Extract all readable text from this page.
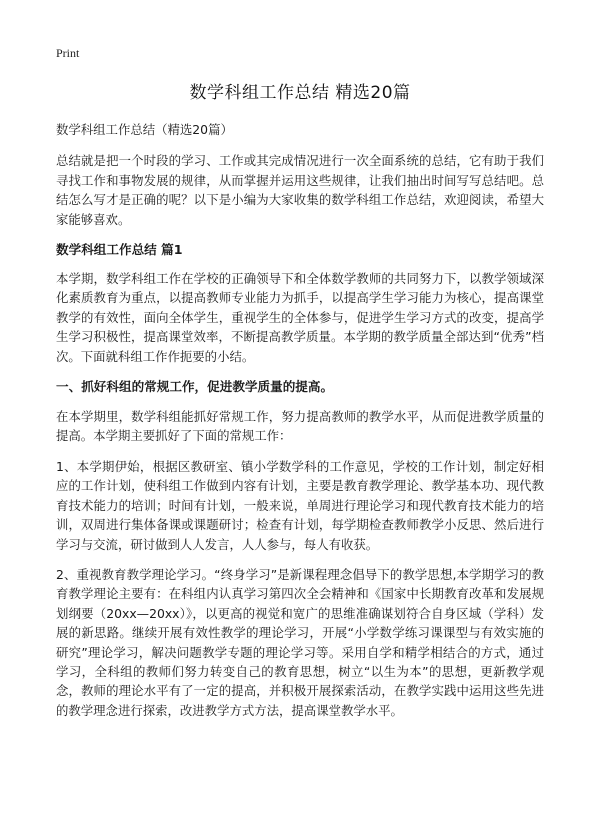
Print
数学科组工作总结 精选20篇

数学科组工作总结（精选20篇）

总结就是把一个时段的学习、工作或其完成情况进行一次全面系统的总结，它有助于我们寻找工作和事物发展的规律，从而掌握并运用这些规律，让我们抽出时间写写总结吧。总结怎么写才是正确的呢？以下是小编为大家收集的数学科组工作总结，欢迎阅读，希望大家能够喜欢。

数学科组工作总结 篇1

本学期，数学科组工作在学校的正确领导下和全体数学教师的共同努力下，以教学领域深化素质教育为重点，以提高教师专业能力为抓手，以提高学生学习能力为核心，提高课堂教学的有效性，面向全体学生，重视学生的全体参与，促进学生学习方式的改变，提高学生学习积极性，提高课堂效率，不断提高教学质量。本学期的教学质量全部达到“优秀”档次。下面就科组工作作扼要的小结。

一、抓好科组的常规工作，促进教学质量的提高。

在本学期里，数学科组能抓好常规工作，努力提高教师的教学水平，从而促进教学质量的提高。本学期主要抓好了下面的常规工作：

1、本学期伊始，根据区教研室、镇小学数学科的工作意见，学校的工作计划，制定好相应的工作计划，使科组工作做到内容有计划，主要是教育教学理论、教学基本功、现代教育技术能力的培训；时间有计划，一般来说，单周进行理论学习和现代教育技术能力的培训，双周进行集体备课或课题研讨；检查有计划，每学期检查教师教学小反思、然后进行学习与交流，研讨做到人人发言，人人参与，每人有收获。

2、重视教育教学理论学习。“终身学习”是新课程理念倡导下的教学思想,本学期学习的教育教学理论主要有：在科组内认真学习第四次全会精神和《国家中长期教育改革和发展规划纲要（20xx—20xx）》，以更高的视觉和宽广的思维准确谋划符合自身区域（学科）发展的新思路。继续开展有效性教学的理论学习，开展“小学数学练习课课型与有效实施的研究”理论学习，解决问题教学专题的理论学习等。采用自学和精学相结合的方式，通过学习，全科组的教师们努力转变自己的教育思想，树立“以生为本”的思想，更新教学观念，教师的理论水平有了一定的提高，并积极开展探索活动，在教学实践中运用这些先进的教学理念进行探索，改进教学方式方法，提高课堂教学水平。
